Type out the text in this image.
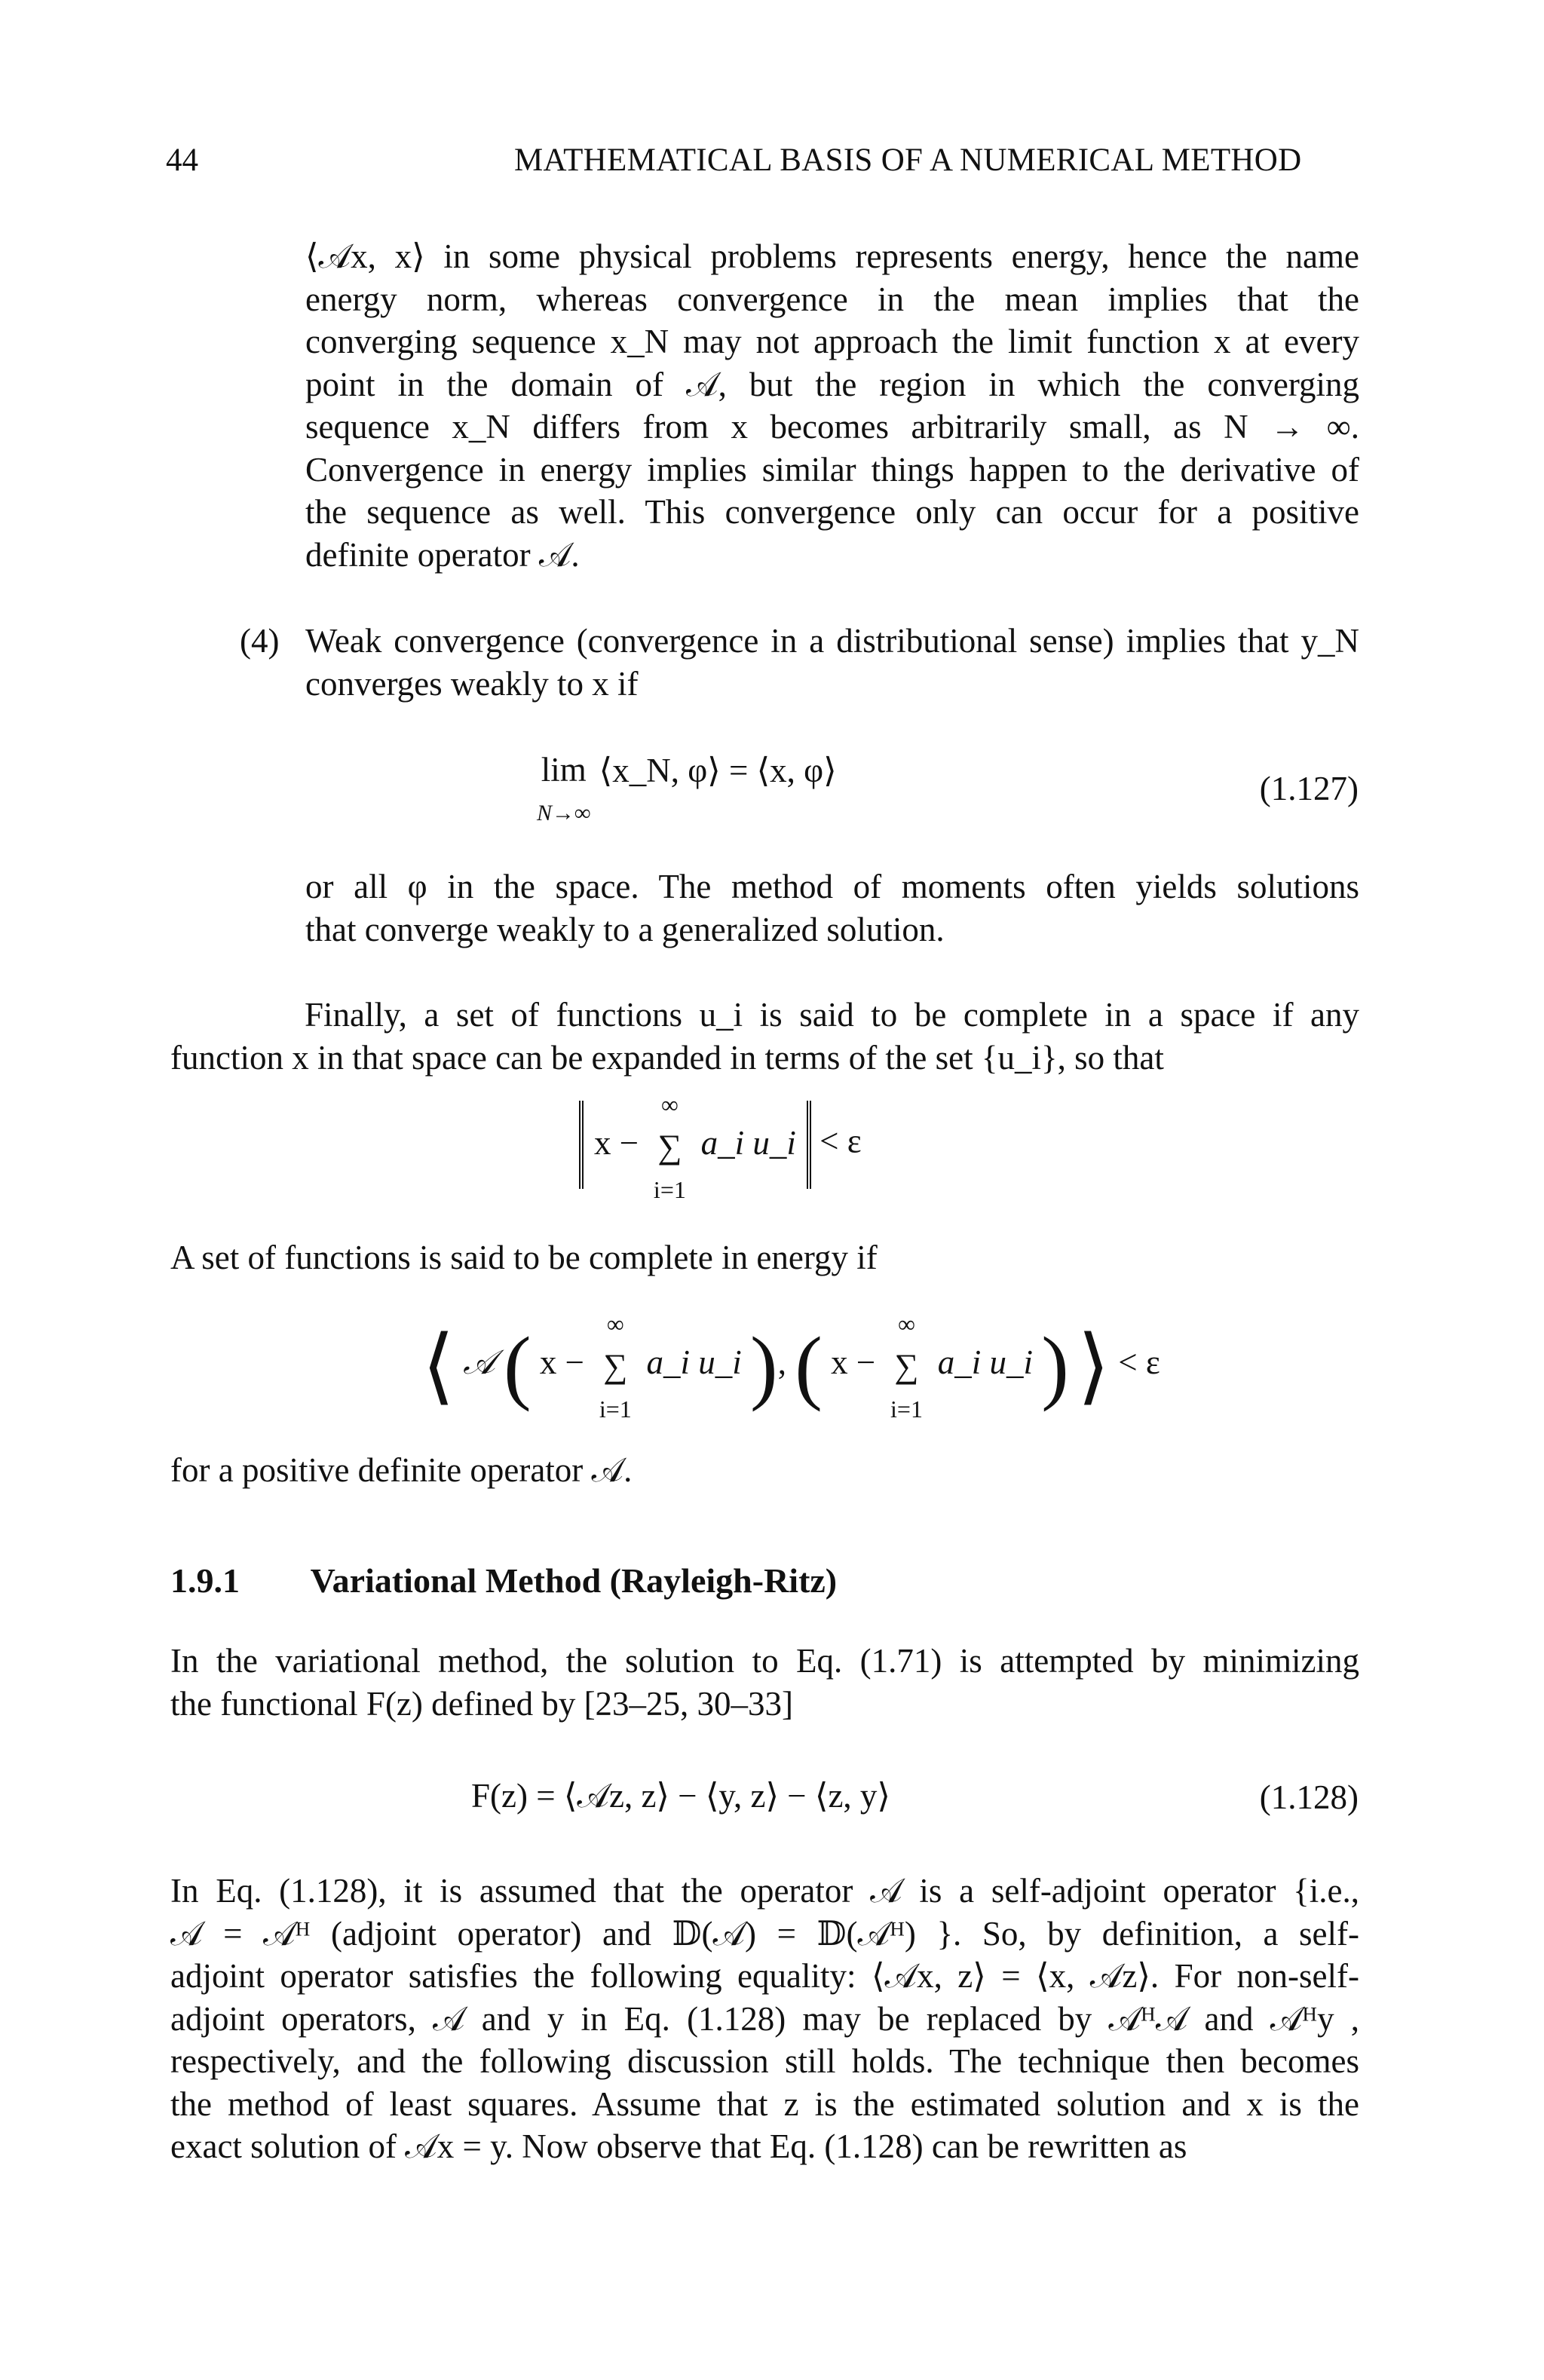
44	MATHEMATICAL BASIS OF A NUMERICAL METHOD
⟨𝒜x, x⟩ in some physical problems represents energy, hence the name
energy norm, whereas convergence in the mean implies that the
converging sequence x_N may not approach the limit function x at every
point in the domain of 𝒜, but the region in which the converging
sequence x_N differs from x becomes arbitrarily small, as N → ∞.
Convergence in energy implies similar things happen to the derivative of
the sequence as well. This convergence only can occur for a positive
definite operator 𝒜.
(4) Weak convergence (convergence in a distributional sense) implies that y_N
converges weakly to x if
lim
N→∞ ⟨x_N, φ⟩ = ⟨x, φ⟩	(1.127)
or all φ in the space. The method of moments often yields solutions
that converge weakly to a generalized solution.
Finally, a set of functions u_i is said to be complete in a space if any
function x in that space can be expanded in terms of the set {u_i}, so that
x −
∞
∑
i=1
a_i u_i < ε
A set of functions is said to be complete in energy if
⟨ 𝒜 ( x −
∞
∑
i=1
a_i u_i ), ( x −
∞
∑
i=1
a_i u_i ) ⟩ < ε
for a positive definite operator 𝒜.
1.9.1 Variational Method (Rayleigh-Ritz)
In the variational method, the solution to Eq. (1.71) is attempted by minimizing
the functional F(z) defined by [23–25, 30–33]
F(z) = ⟨𝒜z, z⟩ − ⟨y, z⟩ − ⟨z, y⟩	(1.128)
In Eq. (1.128), it is assumed that the operator 𝒜 is a self-adjoint operator {i.e.,
𝒜 = 𝒜ᴴ (adjoint operator) and 𝔻(𝒜) = 𝔻(𝒜ᴴ) }. So, by definition, a self-
adjoint operator satisfies the following equality: ⟨𝒜x, z⟩ = ⟨x, 𝒜z⟩. For non-self-
adjoint operators, 𝒜 and y in Eq. (1.128) may be replaced by 𝒜ᴴ𝒜 and 𝒜ᴴy ,
respectively, and the following discussion still holds. The technique then becomes
the method of least squares. Assume that z is the estimated solution and x is the
exact solution of 𝒜x = y. Now observe that Eq. (1.128) can be rewritten as
